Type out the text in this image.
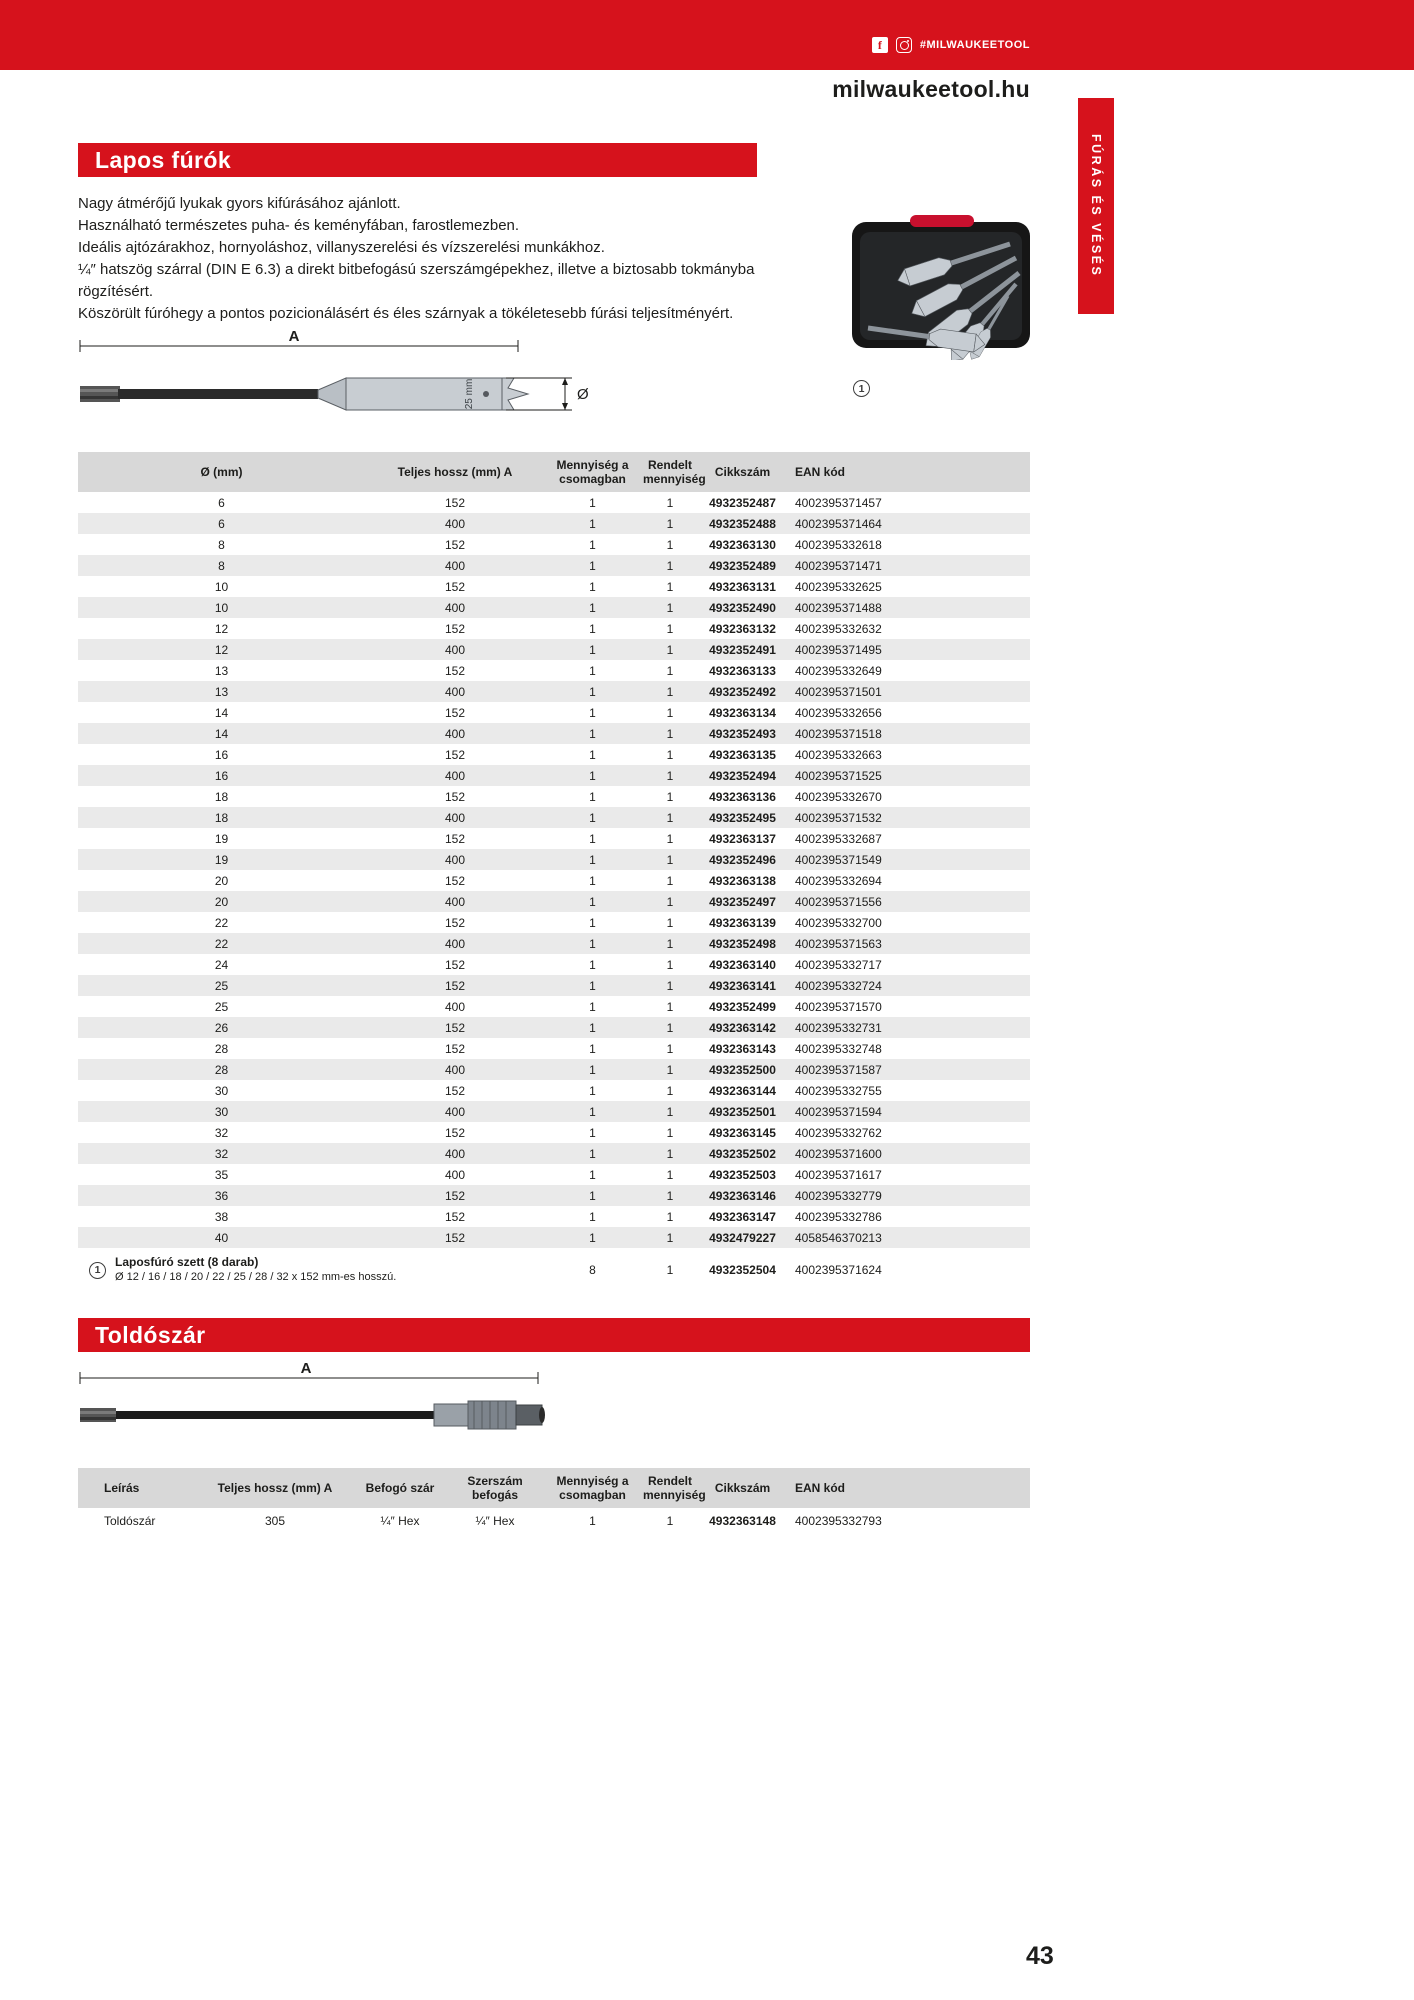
f	#MILWAUKEETOOL
milwaukeetool.hu
FÚRÁS ÉS VÉSÉS
Lapos fúrók
Nagy átmérőjű lyukak gyors kifúrásához ajánlott.
Használható természetes puha- és keményfában, farostlemezben.
Ideális ajtózárakhoz, hornyoláshoz, villanyszerelési és vízszerelési munkákhoz.
¼″ hatszög szárral (DIN E 6.3) a direkt bitbefogású szerszámgépekhez, illetve a biztosabb tokmányba rögzítésért.
Köszörült fúróhegy a pontos pozicionálásért és éles szárnyak a tökéletesebb fúrási teljesítményért.
1
A
25 mm	Ø
Ø (mm)	Teljes hossz (mm) A	Mennyiség a csomagban	Rendelt mennyiség	Cikkszám	EAN kód
6	152	1	1	4932352487	4002395371457
6	400	1	1	4932352488	4002395371464
8	152	1	1	4932363130	4002395332618
8	400	1	1	4932352489	4002395371471
10	152	1	1	4932363131	4002395332625
10	400	1	1	4932352490	4002395371488
12	152	1	1	4932363132	4002395332632
12	400	1	1	4932352491	4002395371495
13	152	1	1	4932363133	4002395332649
13	400	1	1	4932352492	4002395371501
14	152	1	1	4932363134	4002395332656
14	400	1	1	4932352493	4002395371518
16	152	1	1	4932363135	4002395332663
16	400	1	1	4932352494	4002395371525
18	152	1	1	4932363136	4002395332670
18	400	1	1	4932352495	4002395371532
19	152	1	1	4932363137	4002395332687
19	400	1	1	4932352496	4002395371549
20	152	1	1	4932363138	4002395332694
20	400	1	1	4932352497	4002395371556
22	152	1	1	4932363139	4002395332700
22	400	1	1	4932352498	4002395371563
24	152	1	1	4932363140	4002395332717
25	152	1	1	4932363141	4002395332724
25	400	1	1	4932352499	4002395371570
26	152	1	1	4932363142	4002395332731
28	152	1	1	4932363143	4002395332748
28	400	1	1	4932352500	4002395371587
30	152	1	1	4932363144	4002395332755
30	400	1	1	4932352501	4002395371594
32	152	1	1	4932363145	4002395332762
32	400	1	1	4932352502	4002395371600
35	400	1	1	4932352503	4002395371617
36	152	1	1	4932363146	4002395332779
38	152	1	1	4932363147	4002395332786
40	152	1	1	4932479227	4058546370213

1
Laposfúró szett (8 darab)
Ø 12 / 16 / 18 / 20 / 22 / 25 / 28 / 32 x 152 mm-es hosszú.		8	1	4932352504	4002395371624
Toldószár
A
Leírás	Teljes hossz (mm) A	Befogó szár	Szerszám befogás	Mennyiség a csomagban	Rendelt mennyiség	Cikkszám	EAN kód
Toldószár	305	¼″ Hex	¼″ Hex	1	1	4932363148	4002395332793
43
